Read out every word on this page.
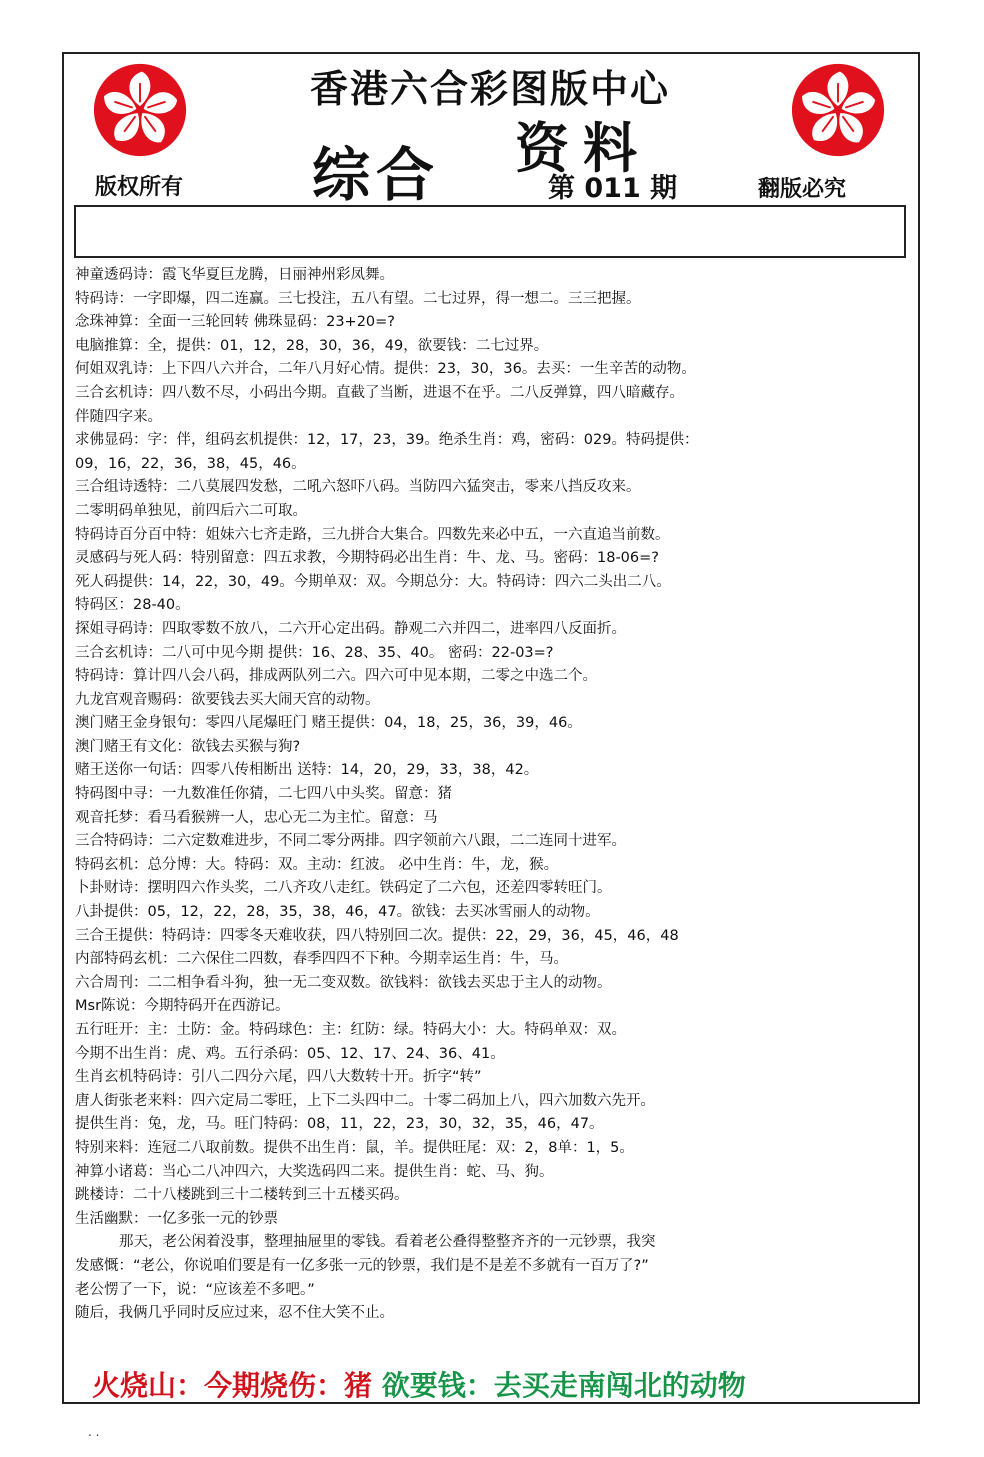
香港六合彩图版中心
综合 资料
第 011 期
版权所有	翻版必究
神童透码诗：霞飞华夏巨龙腾，日丽神州彩凤舞。
特码诗：一字即爆，四二连赢。三七投注，五八有望。二七过界，得一想二。三三把握。
念珠神算：全面一三轮回转 佛珠显码：23+20=?
电脑推算：全，提供：01，12，28，30，36，49，欲要钱：二七过界。
何姐双乳诗：上下四八六并合，二年八月好心情。提供：23，30，36。去买：一生辛苦的动物。
三合玄机诗：四八数不尽，小码出今期。直截了当断，进退不在乎。二八反弹算，四八暗藏存。
伴随四字来。
求佛显码：字：伴，组码玄机提供：12，17，23，39。绝杀生肖：鸡，密码：029。特码提供：
09，16，22，36，38，45，46。
三合组诗透特：二八莫展四发愁，二吼六怒吓八码。当防四六猛突击，零来八挡反攻来。
二零明码单独见，前四后六二可取。
特码诗百分百中特：姐妹六七齐走路，三九拼合大集合。四数先来必中五，一六直追当前数。
灵感码与死人码：特别留意：四五求教，今期特码必出生肖：牛、龙、马。密码：18-06=?
死人码提供：14，22，30，49。今期单双：双。今期总分：大。特码诗：四六二头出二八。
特码区：28-40。
探姐寻码诗：四取零数不放八，二六开心定出码。静观二六并四二，进率四八反面折。
三合玄机诗：二八可中见今期 提供：16、28、35、40。 密码：22-03=?
特码诗：算计四八会八码，排成两队列二六。四六可中见本期，二零之中选二个。
九龙宫观音赐码：欲要钱去买大闹天宫的动物。
澳门赌王金身银句：零四八尾爆旺门 赌王提供：04，18，25，36，39，46。
澳门赌王有文化：欲钱去买猴与狗?
赌王送你一句话：四零八传相断出 送特：14，20，29，33，38，42。
特码图中寻：一九数准任你猜，二七四八中头奖。留意：猪
观音托梦：看马看猴辨一人，忠心无二为主忙。留意：马
三合特码诗：二六定数难进步，不同二零分两排。四字领前六八跟，二二连同十进军。
特码玄机：总分博：大。特码：双。主动：红波。 必中生肖：牛，龙，猴。
卜卦财诗：摆明四六作头奖，二八齐攻八走红。铁码定了二六包，还差四零转旺门。
八卦提供：05，12，22，28，35，38，46，47。欲钱：去买冰雪丽人的动物。
三合王提供：特码诗：四零冬天难收获，四八特别回二次。提供：22，29，36，45，46，48
内部特码玄机：二六保住二四数，春季四四不下种。今期幸运生肖：牛，马。
六合周刊：二二相争看斗狗，独一无二变双数。欲钱料：欲钱去买忠于主人的动物。
Msr陈说：今期特码开在西游记。
五行旺开：主：土防：金。特码球色：主：红防：绿。特码大小：大。特码单双：双。
今期不出生肖：虎、鸡。五行杀码：05、12、17、24、36、41。
生肖玄机特码诗：引八二四分六尾，四八大数转十开。折字“转”
唐人街张老来料：四六定局二零旺，上下二头四中二。十零二码加上八，四六加数六先开。
提供生肖：兔，龙，马。旺门特码：08，11，22，23，30，32，35，46，47。
特别来料：连冠二八取前数。提供不出生肖：鼠，羊。提供旺尾：双：2，8单：1，5。
神算小诸葛：当心二八冲四六，大奖选码四二来。提供生肖：蛇、马、狗。
跳楼诗：二十八楼跳到三十二楼转到三十五楼买码。
生活幽默：一亿多张一元的钞票
那天，老公闲着没事，整理抽屉里的零钱。看着老公叠得整整齐齐的一元钞票，我突
发感慨：“老公，你说咱们要是有一亿多张一元的钞票，我们是不是差不多就有一百万了?”
老公愣了一下，说：“应该差不多吧。”
随后，我俩几乎同时反应过来，忍不住大笑不止。
火烧山：今期烧伤：猪 欲要钱：去买走南闯北的动物
. .
